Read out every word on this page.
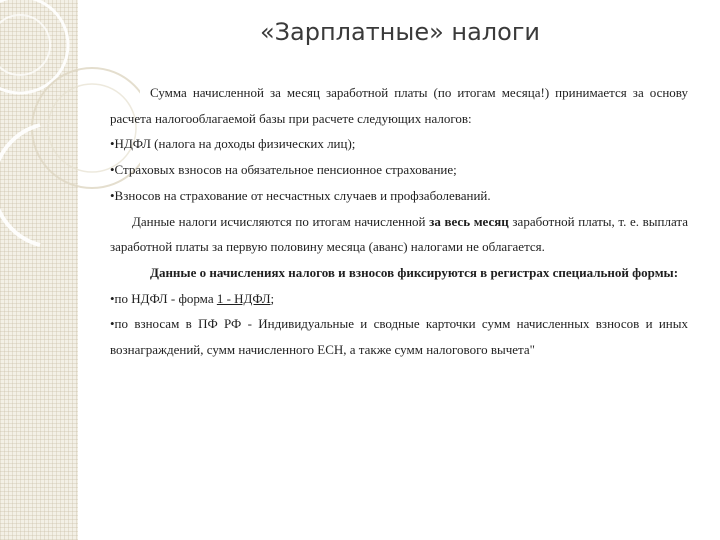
«Зарплатные» налоги

Сумма начисленной за месяц заработной платы (по итогам месяца!) принимается за основу расчета налогооблагаемой базы при расчете следующих налогов:

•НДФЛ (налога на доходы физических лиц);

•Страховых взносов на обязательное пенсионное страхование;

•Взносов на страхование от несчастных случаев и профзаболеваний.

Данные налоги исчисляются по итогам начисленной за весь месяц заработной платы, т. е. выплата заработной платы за первую половину месяца (аванс) налогами не облагается.

Данные о начислениях налогов и взносов фиксируются в регистрах специальной формы:

•по НДФЛ - форма 1 - НДФЛ;

•по взносам в ПФ РФ - Индивидуальные и сводные карточки сумм начисленных взносов и иных вознаграждений, сумм начисленного ЕСН, а также сумм налогового вычета"
